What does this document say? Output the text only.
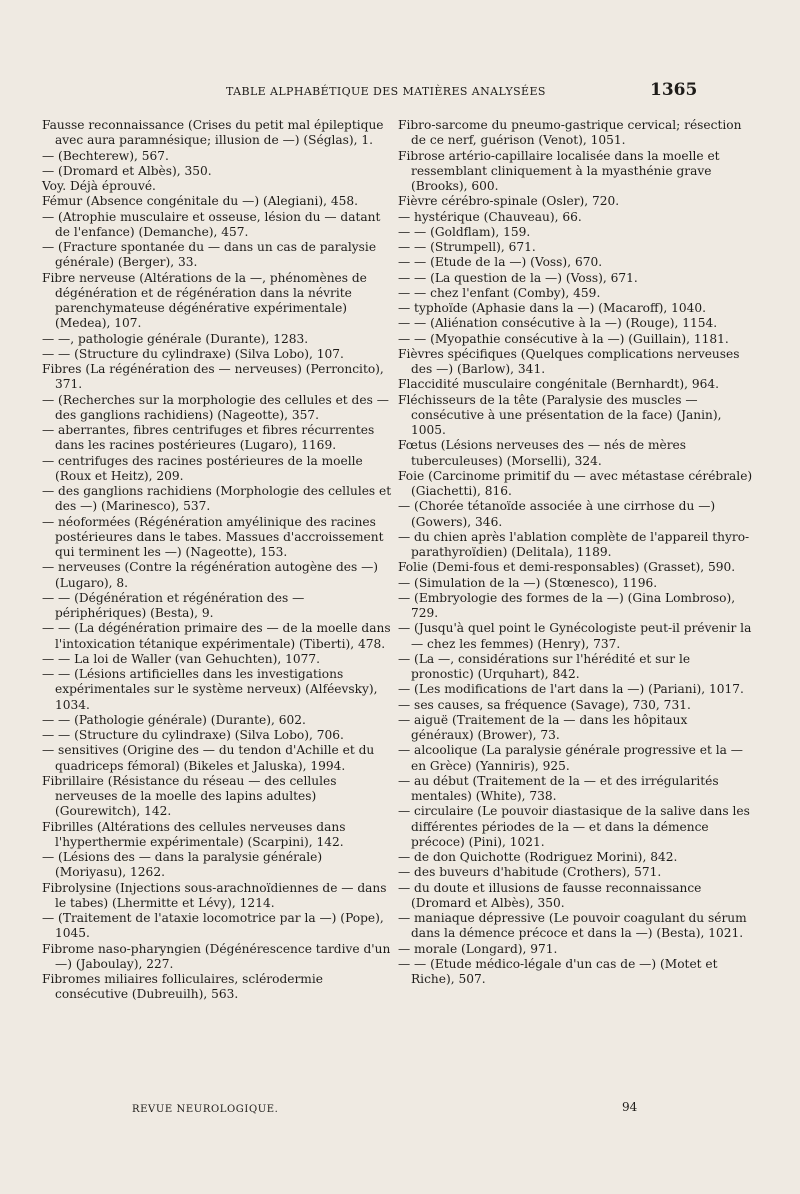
TABLE ALPHABÉTIQUE DES MATIÈRES ANALYSÉES	1365
Fausse reconnaissance (Crises du petit mal épileptique avec aura paramnésique; illusion de —) (Séglas), 1.
— (Bechterew), 567.
— (Dromard et Albès), 350.
Voy. Déjà éprouvé.
Fémur (Absence congénitale du —) (Alegiani), 458.
— (Atrophie musculaire et osseuse, lésion du — datant de l'enfance) (Demanche), 457.
— (Fracture spontanée du — dans un cas de paralysie générale) (Berger), 33.
Fibre nerveuse (Altérations de la —, phénomènes de dégénération et de régénération dans la névrite parenchymateuse dégénérative expérimentale) (Medea), 107.
— —, pathologie générale (Durante), 1283.
— — (Structure du cylindraxe) (Silva Lobo), 107.
Fibres (La régénération des — nerveuses) (Perroncito), 371.
— (Recherches sur la morphologie des cellules et des — des ganglions rachidiens) (Nageotte), 357.
— aberrantes, fibres centrifuges et fibres récurrentes dans les racines postérieures (Lugaro), 1169.
— centrifuges des racines postérieures de la moelle (Roux et Heitz), 209.
— des ganglions rachidiens (Morphologie des cellules et des —) (Marinesco), 537.
— néoformées (Régénération amyélinique des racines postérieures dans le tabes. Massues d'accroissement qui terminent les —) (Nageotte), 153.
— nerveuses (Contre la régénération autogène des —) (Lugaro), 8.
— — (Dégénération et régénération des — périphériques) (Besta), 9.
— — (La dégénération primaire des — de la moelle dans l'intoxication tétanique expérimentale) (Tiberti), 478.
— — La loi de Waller (van Gehuchten), 1077.
— — (Lésions artificielles dans les investigations expérimentales sur le système nerveux) (Alféevsky), 1034.
— — (Pathologie générale) (Durante), 602.
— — (Structure du cylindraxe) (Silva Lobo), 706.
— sensitives (Origine des — du tendon d'Achille et du quadriceps fémoral) (Bikeles et Jaluska), 1994.
Fibrillaire (Résistance du réseau — des cellules nerveuses de la moelle des lapins adultes) (Gourewitch), 142.
Fibrilles (Altérations des cellules nerveuses dans l'hyperthermie expérimentale) (Scarpini), 142.
— (Lésions des — dans la paralysie générale) (Moriyasu), 1262.
Fibrolysine (Injections sous-arachnoïdiennes de — dans le tabes) (Lhermitte et Lévy), 1214.
— (Traitement de l'ataxie locomotrice par la —) (Pope), 1045.
Fibrome naso-pharyngien (Dégénérescence tardive d'un —) (Jaboulay), 227.
Fibromes miliaires folliculaires, sclérodermie consécutive (Dubreuilh), 563.
Fibro-sarcome du pneumo-gastrique cervical; résection de ce nerf, guérison (Venot), 1051.
Fibrose artério-capillaire localisée dans la moelle et ressemblant cliniquement à la myasthénie grave (Brooks), 600.
Fièvre cérébro-spinale (Osler), 720.
— hystérique (Chauveau), 66.
— — (Goldflam), 159.
— — (Strumpell), 671.
— — (Etude de la —) (Voss), 670.
— — (La question de la —) (Voss), 671.
— — chez l'enfant (Comby), 459.
— typhoïde (Aphasie dans la —) (Macaroff), 1040.
— — (Aliénation consécutive à la —) (Rouge), 1154.
— — (Myopathie consécutive à la —) (Guillain), 1181.
Fièvres spécifiques (Quelques complications nerveuses des —) (Barlow), 341.
Flaccidité musculaire congénitale (Bernhardt), 964.
Fléchisseurs de la tête (Paralysie des muscles — consécutive à une présentation de la face) (Janin), 1005.
Fœtus (Lésions nerveuses des — nés de mères tuberculeuses) (Morselli), 324.
Foie (Carcinome primitif du — avec métastase cérébrale) (Giachetti), 816.
— (Chorée tétanoïde associée à une cirrhose du —) (Gowers), 346.
— du chien après l'ablation complète de l'appareil thyro-parathyroïdien) (Delitala), 1189.
Folie (Demi-fous et demi-responsables) (Grasset), 590.
— (Simulation de la —) (Stœnesco), 1196.
— (Embryologie des formes de la —) (Gina Lombroso), 729.
— (Jusqu'à quel point le Gynécologiste peut-il prévenir la — chez les femmes) (Henry), 737.
— (La —, considérations sur l'hérédité et sur le pronostic) (Urquhart), 842.
— (Les modifications de l'art dans la —) (Pariani), 1017.
— ses causes, sa fréquence (Savage), 730, 731.
— aiguë (Traitement de la — dans les hôpitaux généraux) (Brower), 73.
— alcoolique (La paralysie générale progressive et la — en Grèce) (Yanniris), 925.
— au début (Traitement de la — et des irrégularités mentales) (White), 738.
— circulaire (Le pouvoir diastasique de la salive dans les différentes périodes de la — et dans la démence précoce) (Pini), 1021.
— de don Quichotte (Rodriguez Morini), 842.
— des buveurs d'habitude (Crothers), 571.
— du doute et illusions de fausse reconnaissance (Dromard et Albès), 350.
— maniaque dépressive (Le pouvoir coagulant du sérum dans la démence précoce et dans la —) (Besta), 1021.
— morale (Longard), 971.
— — (Etude médico-légale d'un cas de —) (Motet et Riche), 507.
REVUE NEUROLOGIQUE.	94
